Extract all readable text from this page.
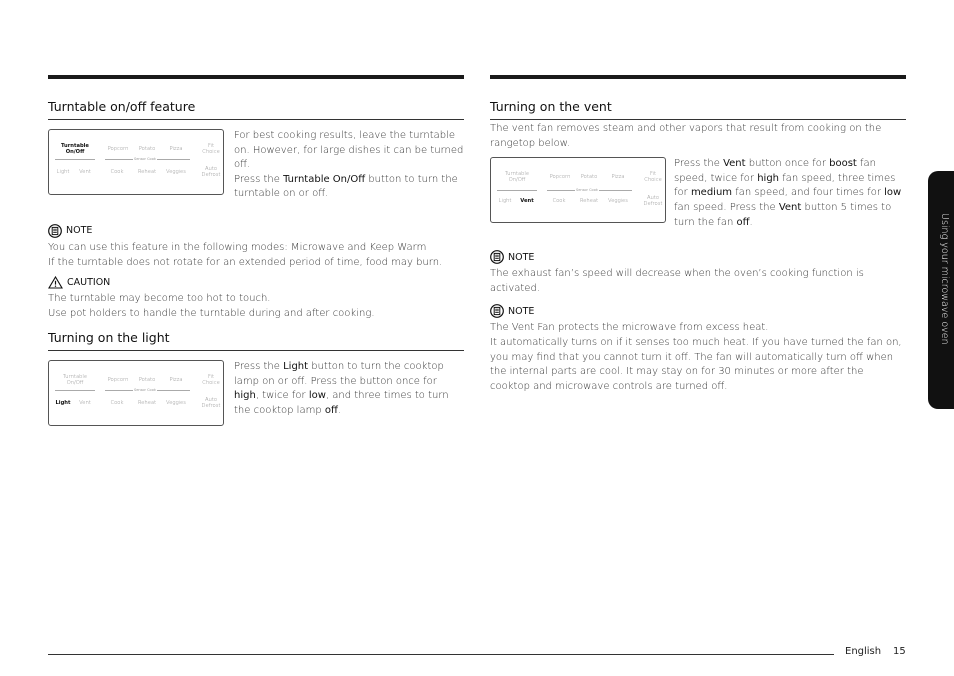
Turntable on/off feature
Turntable On/Off	Popcorn	Potato	Pizza	Fit Choice
Sensor Cook
Light	Vent	Cook	Reheat	Veggies	Auto Defrost

For best cooking results, leave the turntable on. However, for large dishes it can be turned off.

Press the Turntable On/Off button to turn the turntable on or off.

NOTE

You can use this feature in the following modes: Microwave and Keep Warm

If the turntable does not rotate for an extended period of time, food may burn.

CAUTION

The turntable may become too hot to touch.

Use pot holders to handle the turntable during and after cooking.

Turning on the light
Turntable On/Off	Popcorn	Potato	Pizza	Fit Choice
Sensor Cook
Light	Vent	Cook	Reheat	Veggies	Auto Defrost

Press the Light button to turn the cooktop lamp on or off. Press the button once for high, twice for low, and three times to turn the cooktop lamp off.

Turning on the vent

The vent fan removes steam and other vapors that result from cooking on the rangetop below.

Turntable On/Off	Popcorn	Potato	Pizza	Fit Choice
Sensor Cook
Light	Vent	Cook	Reheat	Veggies	Auto Defrost

Press the Vent button once for boost fan speed, twice for high fan speed, three times for medium fan speed, and four times for low fan speed. Press the Vent button 5 times to turn the fan off.

NOTE

The exhaust fan’s speed will decrease when the oven’s cooking function is activated.

NOTE

The Vent Fan protects the microwave from excess heat.

It automatically turns on if it senses too much heat. If you have turned the fan on, you may find that you cannot turn it off. The fan will automatically turn off when the internal parts are cool. It may stay on for 30 minutes or more after the cooktop and microwave controls are turned off.

Using your microwave oven
English 15
